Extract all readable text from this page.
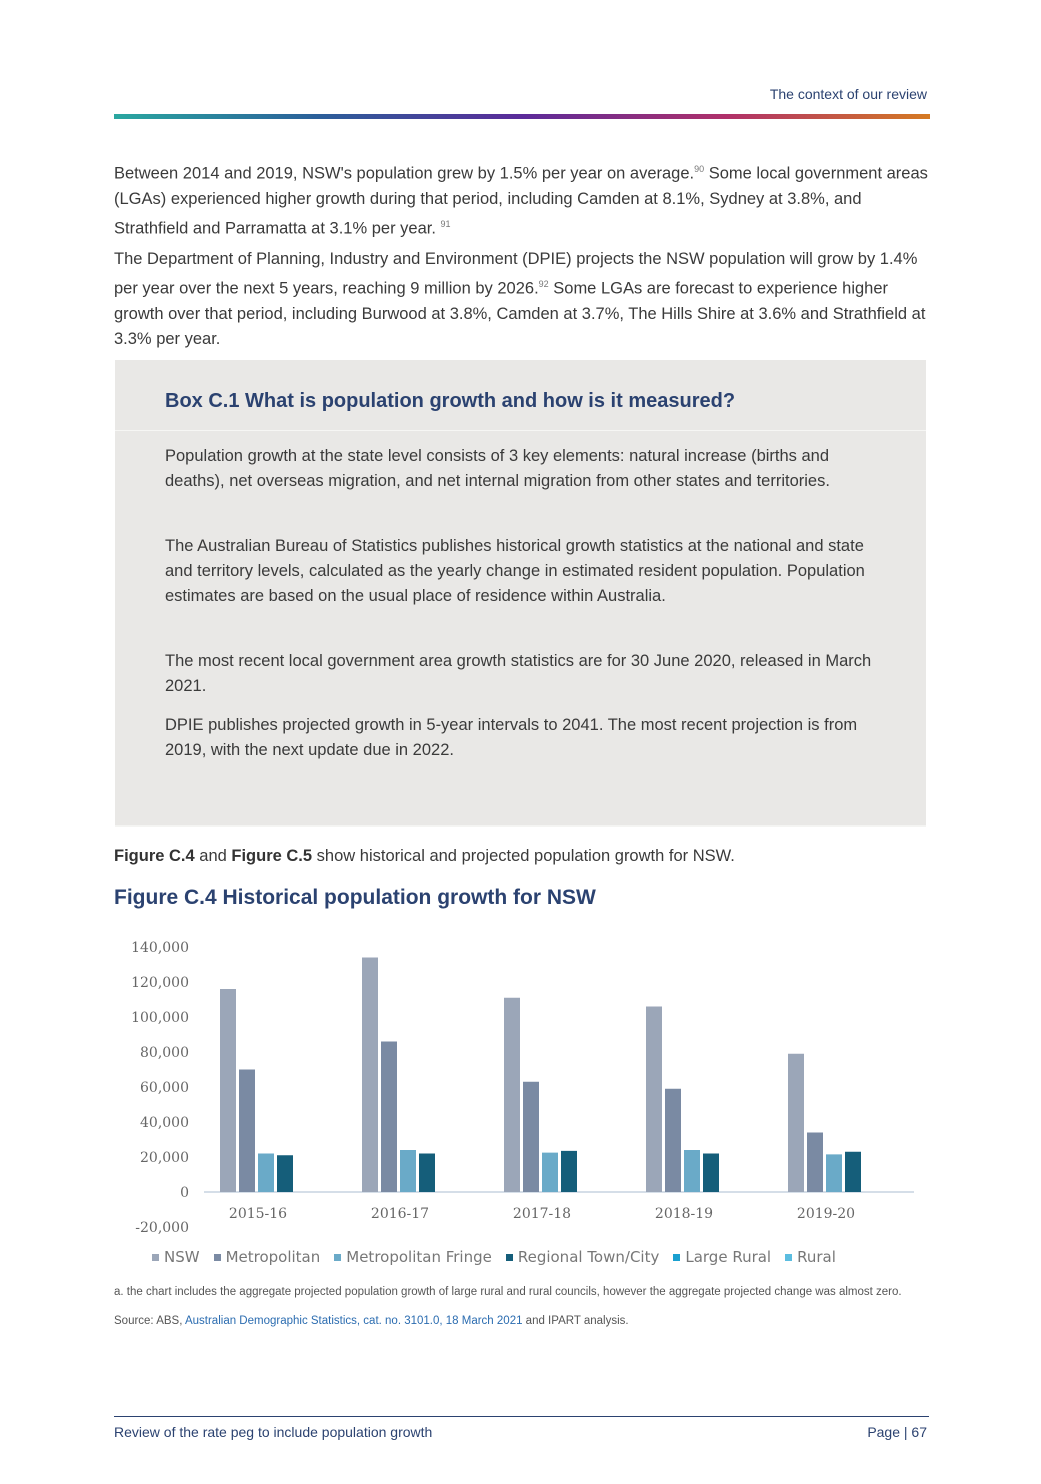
The context of our review

Between 2014 and 2019, NSW's population grew by 1.5% per year on average.$^{90}$ Some local government areas (LGAs) experienced higher growth during that period, including Camden at 8.1%, Sydney at 3.8%, and Strathfield and Parramatta at 3.1% per year. $^{91}$

The Department of Planning, Industry and Environment (DPIE) projects the NSW population will grow by 1.4% per year over the next 5 years, reaching 9 million by 2026.92 Some LGAs are forecast to experience higher growth over that period, including Burwood at 3.8%, Camden at 3.7%, The Hills Shire at 3.6% and Strathfield at 3.3% per year.

Box C.1 What is population growth and how is it measured?

Population growth at the state level consists of 3 key elements: natural increase (births and deaths), net overseas migration, and net internal migration from other states and territories.

The Australian Bureau of Statistics publishes historical growth statistics at the national and state and territory levels, calculated as the yearly change in estimated resident population. Population estimates are based on the usual place of residence within Australia.

The most recent local government area growth statistics are for 30 June 2020, released in March 2021.

DPIE publishes projected growth in 5-year intervals to 2041. The most recent projection is from 2019, with the next update due in 2022.

Figure C.4 and Figure C.5 show historical and projected population growth for NSW.

Figure C.4 Historical population growth for NSW
140,000
120,000
100,000
80,000
60,000
40,000
20,000
0
-20,000
2015-16	2016-17	2017-18	2018-19	2019-20
NSW Metropolitan Metropolitan Fringe Regional Town/City Large Rural Rural

a. the chart includes the aggregate projected population growth of large rural and rural councils, however the aggregate projected change was almost zero.

Source: ABS, Australian Demographic Statistics, cat. no. 3101.0, 18 March 2021 and IPART analysis.

Review of the rate peg to include population growth	Page | 67
